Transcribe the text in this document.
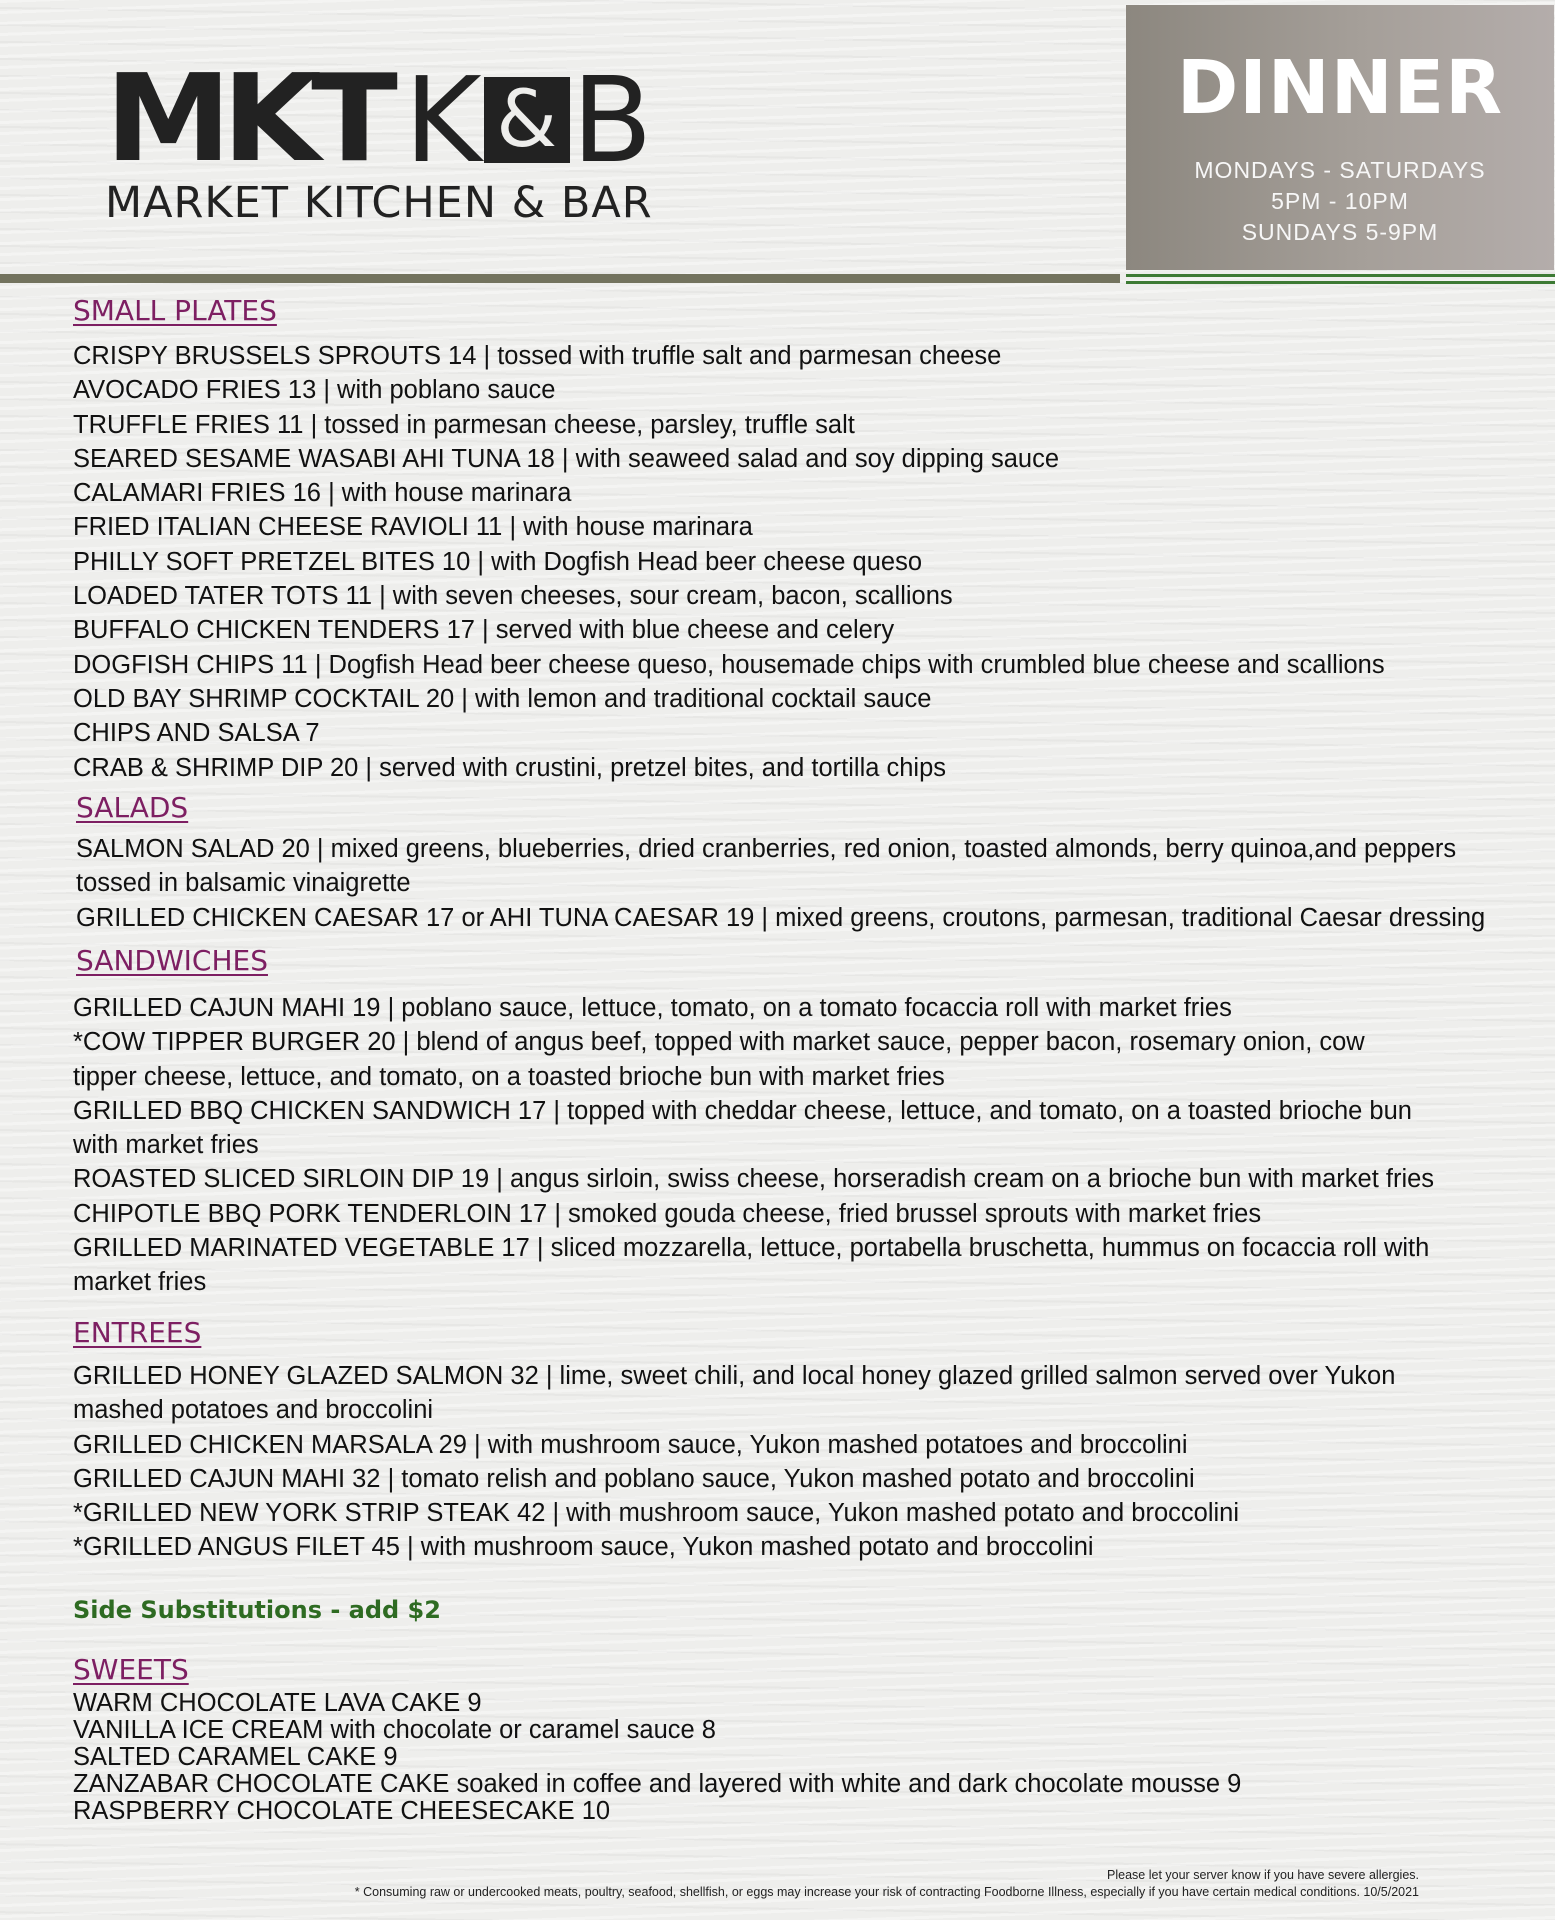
MKT K & B
MARKET KITCHEN & BAR
DINNER
MONDAYS - SATURDAYS
5PM - 10PM
SUNDAYS 5-9PM
SMALL PLATES
CRISPY BRUSSELS SPROUTS 14 | tossed with truffle salt and parmesan cheese
AVOCADO FRIES 13 | with poblano sauce
TRUFFLE FRIES 11 | tossed in parmesan cheese, parsley, truffle salt
SEARED SESAME WASABI AHI TUNA 18 | with seaweed salad and soy dipping sauce
CALAMARI FRIES 16 | with house marinara
FRIED ITALIAN CHEESE RAVIOLI 11 | with house marinara
PHILLY SOFT PRETZEL BITES 10 | with Dogfish Head beer cheese queso
LOADED TATER TOTS 11 | with seven cheeses, sour cream, bacon, scallions
BUFFALO CHICKEN TENDERS 17 | served with blue cheese and celery
DOGFISH CHIPS 11 | Dogfish Head beer cheese queso, housemade chips with crumbled blue cheese and scallions
OLD BAY SHRIMP COCKTAIL 20 | with lemon and traditional cocktail sauce
CHIPS AND SALSA 7
CRAB & SHRIMP DIP 20 | served with crustini, pretzel bites, and tortilla chips
SALADS
SALMON SALAD 20 | mixed greens, blueberries, dried cranberries, red onion, toasted almonds, berry quinoa,and peppers
tossed in balsamic vinaigrette
GRILLED CHICKEN CAESAR 17 or AHI TUNA CAESAR 19 | mixed greens, croutons, parmesan, traditional Caesar dressing
SANDWICHES
GRILLED CAJUN MAHI 19 | poblano sauce, lettuce, tomato, on a tomato focaccia roll with market fries
*COW TIPPER BURGER 20 | blend of angus beef, topped with market sauce, pepper bacon, rosemary onion, cow
tipper cheese, lettuce, and tomato, on a toasted brioche bun with market fries
GRILLED BBQ CHICKEN SANDWICH 17 | topped with cheddar cheese, lettuce, and tomato, on a toasted brioche bun
with market fries
ROASTED SLICED SIRLOIN DIP 19 | angus sirloin, swiss cheese, horseradish cream on a brioche bun with market fries
CHIPOTLE BBQ PORK TENDERLOIN 17 | smoked gouda cheese, fried brussel sprouts with market fries
GRILLED MARINATED VEGETABLE 17 | sliced mozzarella, lettuce, portabella bruschetta, hummus on focaccia roll with
market fries
ENTREES
GRILLED HONEY GLAZED SALMON 32 | lime, sweet chili, and local honey glazed grilled salmon served over Yukon
mashed potatoes and broccolini
GRILLED CHICKEN MARSALA 29 | with mushroom sauce, Yukon mashed potatoes and broccolini
GRILLED CAJUN MAHI 32 | tomato relish and poblano sauce, Yukon mashed potato and broccolini
*GRILLED NEW YORK STRIP STEAK 42 | with mushroom sauce, Yukon mashed potato and broccolini
*GRILLED ANGUS FILET 45 | with mushroom sauce, Yukon mashed potato and broccolini
Side Substitutions - add $2
SWEETS
WARM CHOCOLATE LAVA CAKE 9
VANILLA ICE CREAM with chocolate or caramel sauce 8
SALTED CARAMEL CAKE 9
ZANZABAR CHOCOLATE CAKE soaked in coffee and layered with white and dark chocolate mousse 9
RASPBERRY CHOCOLATE CHEESECAKE 10
Please let your server know if you have severe allergies.
* Consuming raw or undercooked meats, poultry, seafood, shellfish, or eggs may increase your risk of contracting Foodborne Illness, especially if you have certain medical conditions. 10/5/2021
